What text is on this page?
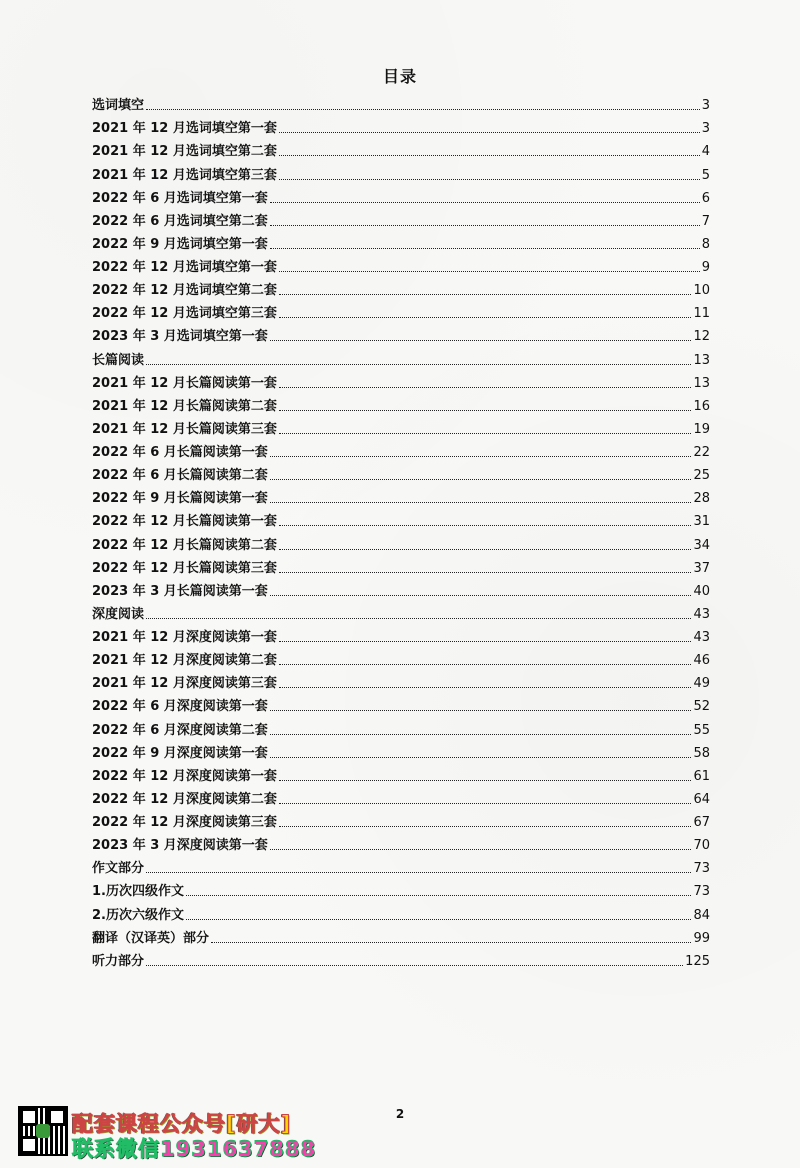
目录
选词填空	3
2021 年 12 月选词填空第一套	3
2021 年 12 月选词填空第二套	4
2021 年 12 月选词填空第三套	5
2022 年 6 月选词填空第一套	6
2022 年 6 月选词填空第二套	7
2022 年 9 月选词填空第一套	8
2022 年 12 月选词填空第一套	9
2022 年 12 月选词填空第二套	10
2022 年 12 月选词填空第三套	11
2023 年 3 月选词填空第一套	12
长篇阅读	13
2021 年 12 月长篇阅读第一套	13
2021 年 12 月长篇阅读第二套	16
2021 年 12 月长篇阅读第三套	19
2022 年 6 月长篇阅读第一套	22
2022 年 6 月长篇阅读第二套	25
2022 年 9 月长篇阅读第一套	28
2022 年 12 月长篇阅读第一套	31
2022 年 12 月长篇阅读第二套	34
2022 年 12 月长篇阅读第三套	37
2023 年 3 月长篇阅读第一套	40
深度阅读	43
2021 年 12 月深度阅读第一套	43
2021 年 12 月深度阅读第二套	46
2021 年 12 月深度阅读第三套	49
2022 年 6 月深度阅读第一套	52
2022 年 6 月深度阅读第二套	55
2022 年 9 月深度阅读第一套	58
2022 年 12 月深度阅读第一套	61
2022 年 12 月深度阅读第二套	64
2022 年 12 月深度阅读第三套	67
2023 年 3 月深度阅读第一套	70
作文部分	73
1.历次四级作文	73
2.历次六级作文	84
翻译（汉译英）部分	99
听力部分	125
2
配套课程公众号[研大]
联系微信1931637888
